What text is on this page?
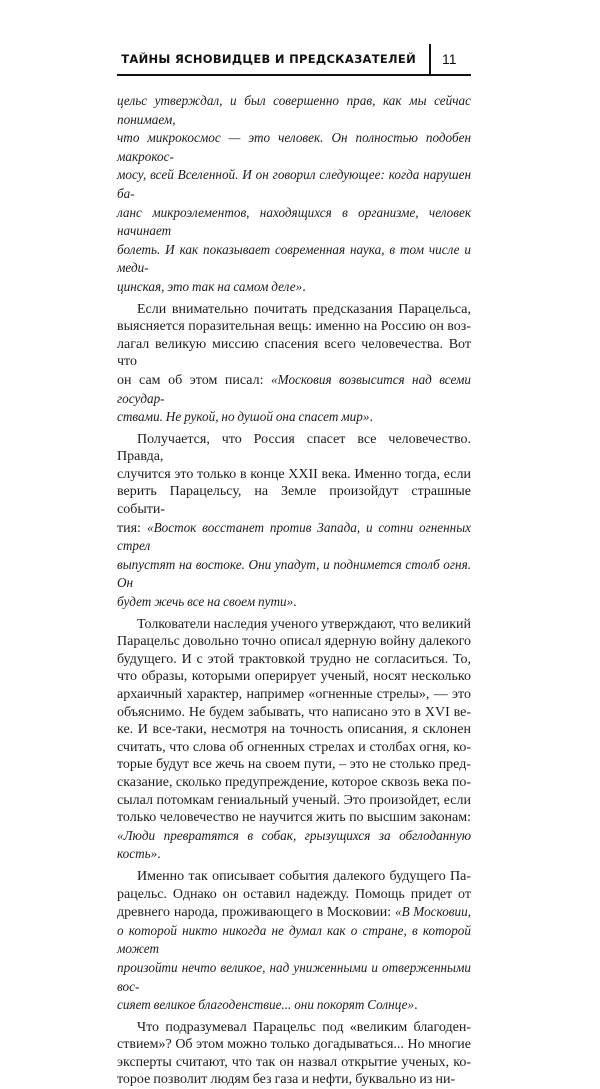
ТАЙНЫ ЯСНОВИДЦЕВ И ПРЕДСКАЗАТЕЛЕЙ 11

цельс утверждал, и был совершенно прав, как мы сейчас понимаем,

что микрокосмос — это человек. Он полностью подобен макрокос-

мосу, всей Вселенной. И он говорил следующее: когда нарушен ба-

ланс микроэлементов, находящихся в организме, человек начинает

болеть. И как показывает современная наука, в том числе и меди-

цинская, это так на самом деле».

Если внимательно почитать предсказания Парацельса,

выясняется поразительная вещь: именно на Россию он воз-

лагал великую миссию спасения всего человечества. Вот что

он сам об этом писал: «Московия возвысится над всеми государ-

ствами. Не рукой, но душой она спасет мир».

Получается, что Россия спасет все человечество. Правда,

случится это только в конце XXII века. Именно тогда, если

верить Парацельсу, на Земле произойдут страшные событи-

тия: «Восток восстанет против Запада, и сотни огненных стрел

выпустят на востоке. Они упадут, и поднимется столб огня. Он

будет жечь все на своем пути».

Толкователи наследия ученого утверждают, что великий

Парацельс довольно точно описал ядерную войну далекого

будущего. И с этой трактовкой трудно не согласиться. То,

что образы, которыми оперирует ученый, носят несколько

архаичный характер, например «огненные стрелы», — это

объяснимо. Не будем забывать, что написано это в XVI ве-

ке. И все-таки, несмотря на точность описания, я склонен

считать, что слова об огненных стрелах и столбах огня, ко-

торые будут все жечь на своем пути, – это не столько пред-

сказание, сколько предупреждение, которое сквозь века по-

сылал потомкам гениальный ученый. Это произойдет, если

только человечество не научится жить по высшим законам:

«Люди превратятся в собак, грызущихся за обглоданную кость».

Именно так описывает события далекого будущего Па-

рацельс. Однако он оставил надежду. Помощь придет от

древнего народа, проживающего в Московии: «В Московии,

о которой никто никогда не думал как о стране, в которой может

произойти нечто великое, над униженными и отверженными вос-

сияет великое благоденствие... они покорят Солнце».

Что подразумевал Парацельс под «великим благоден-

ствием»? Об этом можно только догадываться... Но многие

эксперты считают, что так он назвал открытие ученых, ко-

торое позволит людям без газа и нефти, буквально из ни-
